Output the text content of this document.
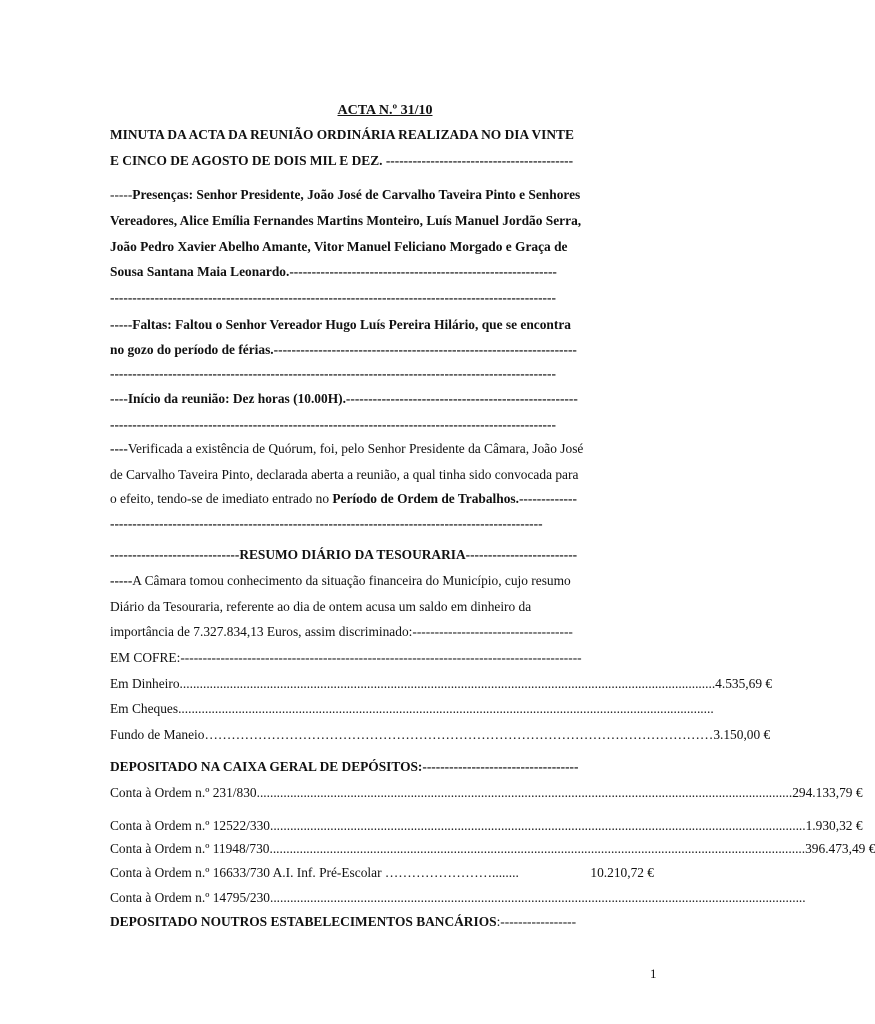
ACTA N.º 31/10
MINUTA DA ACTA DA REUNIÃO ORDINÁRIA REALIZADA NO DIA VINTE
E CINCO DE AGOSTO DE DOIS MIL E DEZ. ------------------------------------------
-----Presenças: Senhor Presidente, João José de Carvalho Taveira Pinto e Senhores
Vereadores, Alice Emília Fernandes Martins Monteiro, Luís Manuel Jordão Serra,
João Pedro Xavier Abelho Amante, Vitor Manuel Feliciano Morgado e Graça de
Sousa Santana Maia Leonardo.------------------------------------------------------------
----------------------------------------------------------------------------------------------------
-----Faltas: Faltou o Senhor Vereador Hugo Luís Pereira Hilário, que se encontra
no gozo do período de férias.--------------------------------------------------------------------
----------------------------------------------------------------------------------------------------
----Início da reunião: Dez horas (10.00H).----------------------------------------------------
----------------------------------------------------------------------------------------------------
----Verificada a existência de Quórum, foi, pelo Senhor Presidente da Câmara, João José
de Carvalho Taveira Pinto, declarada aberta a reunião, a qual tinha sido convocada para
o efeito, tendo-se de imediato entrado no Período de Ordem de Trabalhos.-------------
-------------------------------------------------------------------------------------------------
-----------------------------RESUMO DIÁRIO DA TESOURARIA-------------------------
-----A Câmara tomou conhecimento da situação financeira do Município, cujo resumo
Diário da Tesouraria, referente ao dia de ontem acusa um saldo em dinheiro da
importância de 7.327.834,13 Euros, assim discriminado:------------------------------------
EM COFRE:------------------------------------------------------------------------------------------
Em Dinheiro ................................................................................................................................................................ 4.535,69 €
Em Cheques ................................................................................................................................................................
Fundo de Maneio …………………………………………………………………………………………………… 3.150,00 €
DEPOSITADO NA CAIXA GERAL DE DEPÓSITOS:-----------------------------------
Conta à Ordem n.º 231/830 ................................................................................................................................................................ 294.133,79 €
Conta à Ordem n.º 12522/330 ................................................................................................................................................................ 1.930,32 €
Conta à Ordem n.º 11948/730 ................................................................................................................................................................ 396.473,49 €
Conta à Ordem n.º 16633/730 A.I. Inf. Pré-Escolar ……………………........	10.210,72 €
Conta à Ordem n.º 14795/230 ................................................................................................................................................................
DEPOSITADO NOUTROS ESTABELECIMENTOS BANCÁRIOS:-----------------
1
